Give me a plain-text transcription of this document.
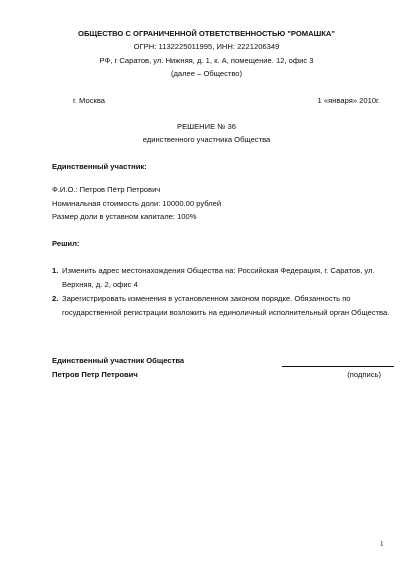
ОБЩЕСТВО С ОГРАНИЧЕННОЙ ОТВЕТСТВЕННОСТЬЮ "РОМАШКА"
ОГРН: 1132225011995, ИНН: 2221206349
РФ, г Саратов, ул. Нижняя, д. 1, к. А, помещение. 12, офис 3
(далее – Общество)
г. Москва	1 «января» 2010г.
РЕШЕНИЕ № 36
единственного участника Общества
Единственный участник:
Ф.И.О.: Петров Пётр Петрович
Номинальная стоимость доли: 10000.00 рублей
Размер доли в уставном капитале: 100%
Решил:
1. Изменить адрес местонахождения Общества на: Российская Федерация, г. Саратов, ул. Верхняя, д. 2, офис 4
2. Зарегистрировать изменения в установленном законом порядке. Обязанность по государственной регистрации возложить на единоличный исполнительный орган Общества.
Единственный участник Общества
Петров Петр Петрович	(подпись)
1
